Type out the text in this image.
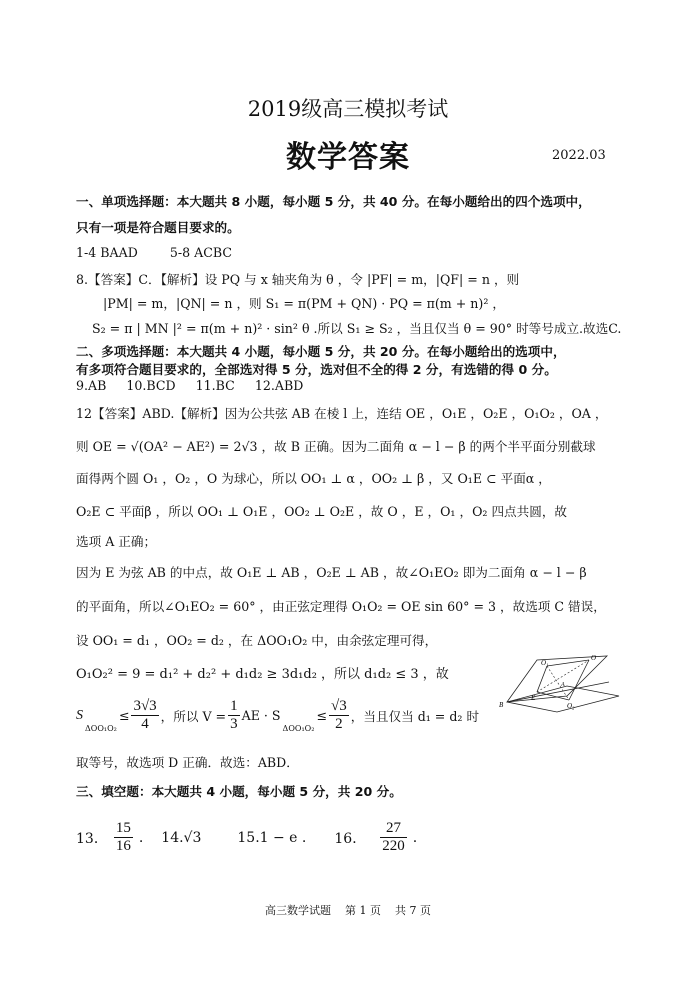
2019级高三模拟考试
数学答案	2022.03
一、单项选择题：本大题共 8 小题，每小题 5 分，共 40 分。在每小题给出的四个选项中，
只有一项是符合题目要求的。
1-4 BAAD        5-8 ACBC
8.【答案】C．【解析】设 PQ 与 x 轴夹角为 θ ，令 |PF| = m，|QF| = n ，则
|PM| = m，|QN| = n ，则 S₁ = π(PM + QN) · PQ = π(m + n)² ，
S₂ = π | MN |² = π(m + n)² · sin² θ .所以 S₁ ≥ S₂ ，当且仅当 θ = 90° 时等号成立.故选C.
二、多项选择题：本大题共 4 小题，每小题 5 分，共 20 分。在每小题给出的选项中，
有多项符合题目要求的，全部选对得 5 分，选对但不全的得 2 分，有选错的得 0 分。
9.AB     10.BCD     11.BC     12.ABD
12【答案】ABD.【解析】因为公共弦 AB 在棱 l 上，连结 OE ，O₁E ，O₂E ，O₁O₂ ，OA ，
则 OE = √(OA² − AE²) = 2√3 ，故 B 正确。因为二面角 α − l − β 的两个半平面分别截球
面得两个圆 O₁ ，O₂ ，O 为球心，所以 OO₁ ⊥ α ，OO₂ ⊥ β ，又 O₁E ⊂ 平面α ，
O₂E ⊂ 平面β ，所以 OO₁ ⊥ O₁E ，OO₂ ⊥ O₂E ，故 O ，E ，O₁ ，O₂ 四点共圆，故
选项 A 正确；
因为 E 为弦 AB 的中点，故 O₁E ⊥ AB ，O₂E ⊥ AB ，故∠O₁EO₂ 即为二面角 α − l − β
的平面角，所以∠O₁EO₂ = 60° ，由正弦定理得 O₁O₂ = OE sin 60° = 3 ，故选项 C 错误，
设 OO₁ = d₁ ，OO₂ = d₂ ，在 ΔOO₁O₂ 中，由余弦定理可得，
O₁O₂² = 9 = d₁² + d₂² + d₁d₂ ≥ 3d₁d₂ ，所以 d₁d₂ ≤ 3 ，故
S
ΔOO₁O₂
≤ $\frac{3√3}{4}$ ，所以 $V = \frac{1}{3}$ AE · S
ΔOO₁O₂
≤ $\frac{√3}{2}$ ，当且仅当 d₁ = d₂ 时
取等号，故选项 D 正确．故选：ABD．
O₁
O
O₂
E
B
A
三、填空题：本大题共 4 小题，每小题 5 分，共 20 分。
13． $\frac{15}{16}$ . 14.√3	15.1 − e . 16． $\frac{27}{220}$ .
高三数学试题    第 1 页    共 7 页
